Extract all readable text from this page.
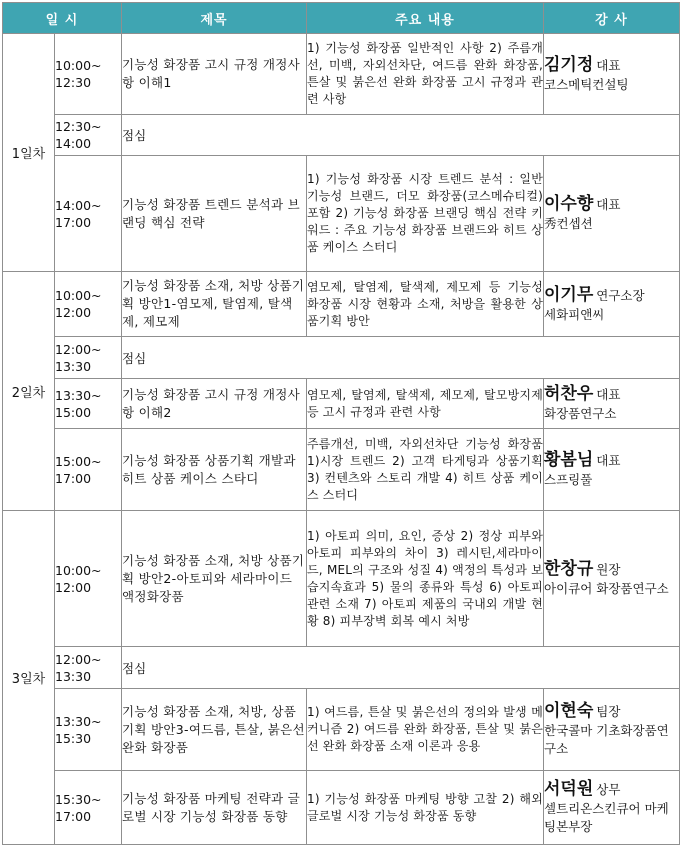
일 시		제목	주요 내용	강 사
1일차	10:00~
12:30	기능성 화장품 고시 규정 개정사항 이해1	1) 기능성 화장품 일반적인 사항 2) 주름개선, 미백, 자외선차단, 여드름 완화 화장품, 튼살 및 붉은선 완화 화장품 고시 규정과 관련 사항	김기정 대표
코스메틱컨설팅

	12:30~
14:00	점심		
	14:00~
17:00	기능성 화장품 트렌드 분석과 브랜딩 핵심 전략	1) 기능성 화장품 시장 트렌드 분석 : 일반 기능성 브랜드, 더모 화장품(코스메슈티컬) 포함 2) 기능성 화장품 브랜딩 핵심 전략 키워드 : 주요 기능성 화장품 브랜드와 히트 상품 케이스 스터디	이수향 대표
秀컨셉션

2일차	10:00~
12:00	기능성 화장품 소재, 처방 상품기획 방안1-염모제, 탈염제, 탈색제, 제모제	염모제, 탈염제, 탈색제, 제모제 등 기능성 화장품 시장 현황과 소재, 처방을 활용한 상품기획 방안	이기무 연구소장
세화피앤씨

	12:00~
13:30	점심		
	13:30~
15:00	기능성 화장품 고시 규정 개정사항 이해2	염모제, 탈염제, 탈색제, 제모제, 탈모방지제 등 고시 규정과 관련 사항	허찬우 대표
화장품연구소

	15:00~
17:00	기능성 화장품 상품기획 개발과 히트 상품 케이스 스타디	주름개선, 미백, 자외선차단 기능성 화장품 1)시장 트렌드 2) 고객 타게팅과 상품기획 3) 컨텐츠와 스토리 개발 4) 히트 상품 케이스 스터디	황봄님 대표
스프링풀

3일차	10:00~
12:00	기능성 화장품 소재, 처방 상품기획 방안2-아토피와 세라마이드 액정화장품	1) 아토피 의미, 요인, 증상 2) 정상 피부와 아토피 피부와의 차이 3) 레시틴,세라마이드, MEL의 구조와 성질 4) 액정의 특성과 보습지속효과 5) 물의 종류와 특성 6) 아토피 관련 소재 7) 아토피 제품의 국내외 개발 현황 8) 피부장벽 회복 예시 처방	한창규 원장
아이큐어 화장품연구소

	12:00~
13:30	점심		
	13:30~
15:30	기능성 화장품 소재, 처방, 상품기획 방안3-여드름, 튼살, 붉은선 완화 화장품	1) 여드름, 튼살 및 붉은선의 정의와 발생 메커니즘 2) 여드름 완화 화장품, 튼살 및 붉은선 완화 화장품 소재 이론과 응용	이현숙 팀장
한국콜마 기초화장품연구소

	15:30~
17:00	기능성 화장품 마케팅 전략과 글로벌 시장 기능성 화장품 동향	1) 기능성 화장품 마케팅 방향 고찰 2) 해외 글로벌 시장 기능성 화장품 동향	서덕원 상무
셀트리온스킨큐어 마케팅본부장
